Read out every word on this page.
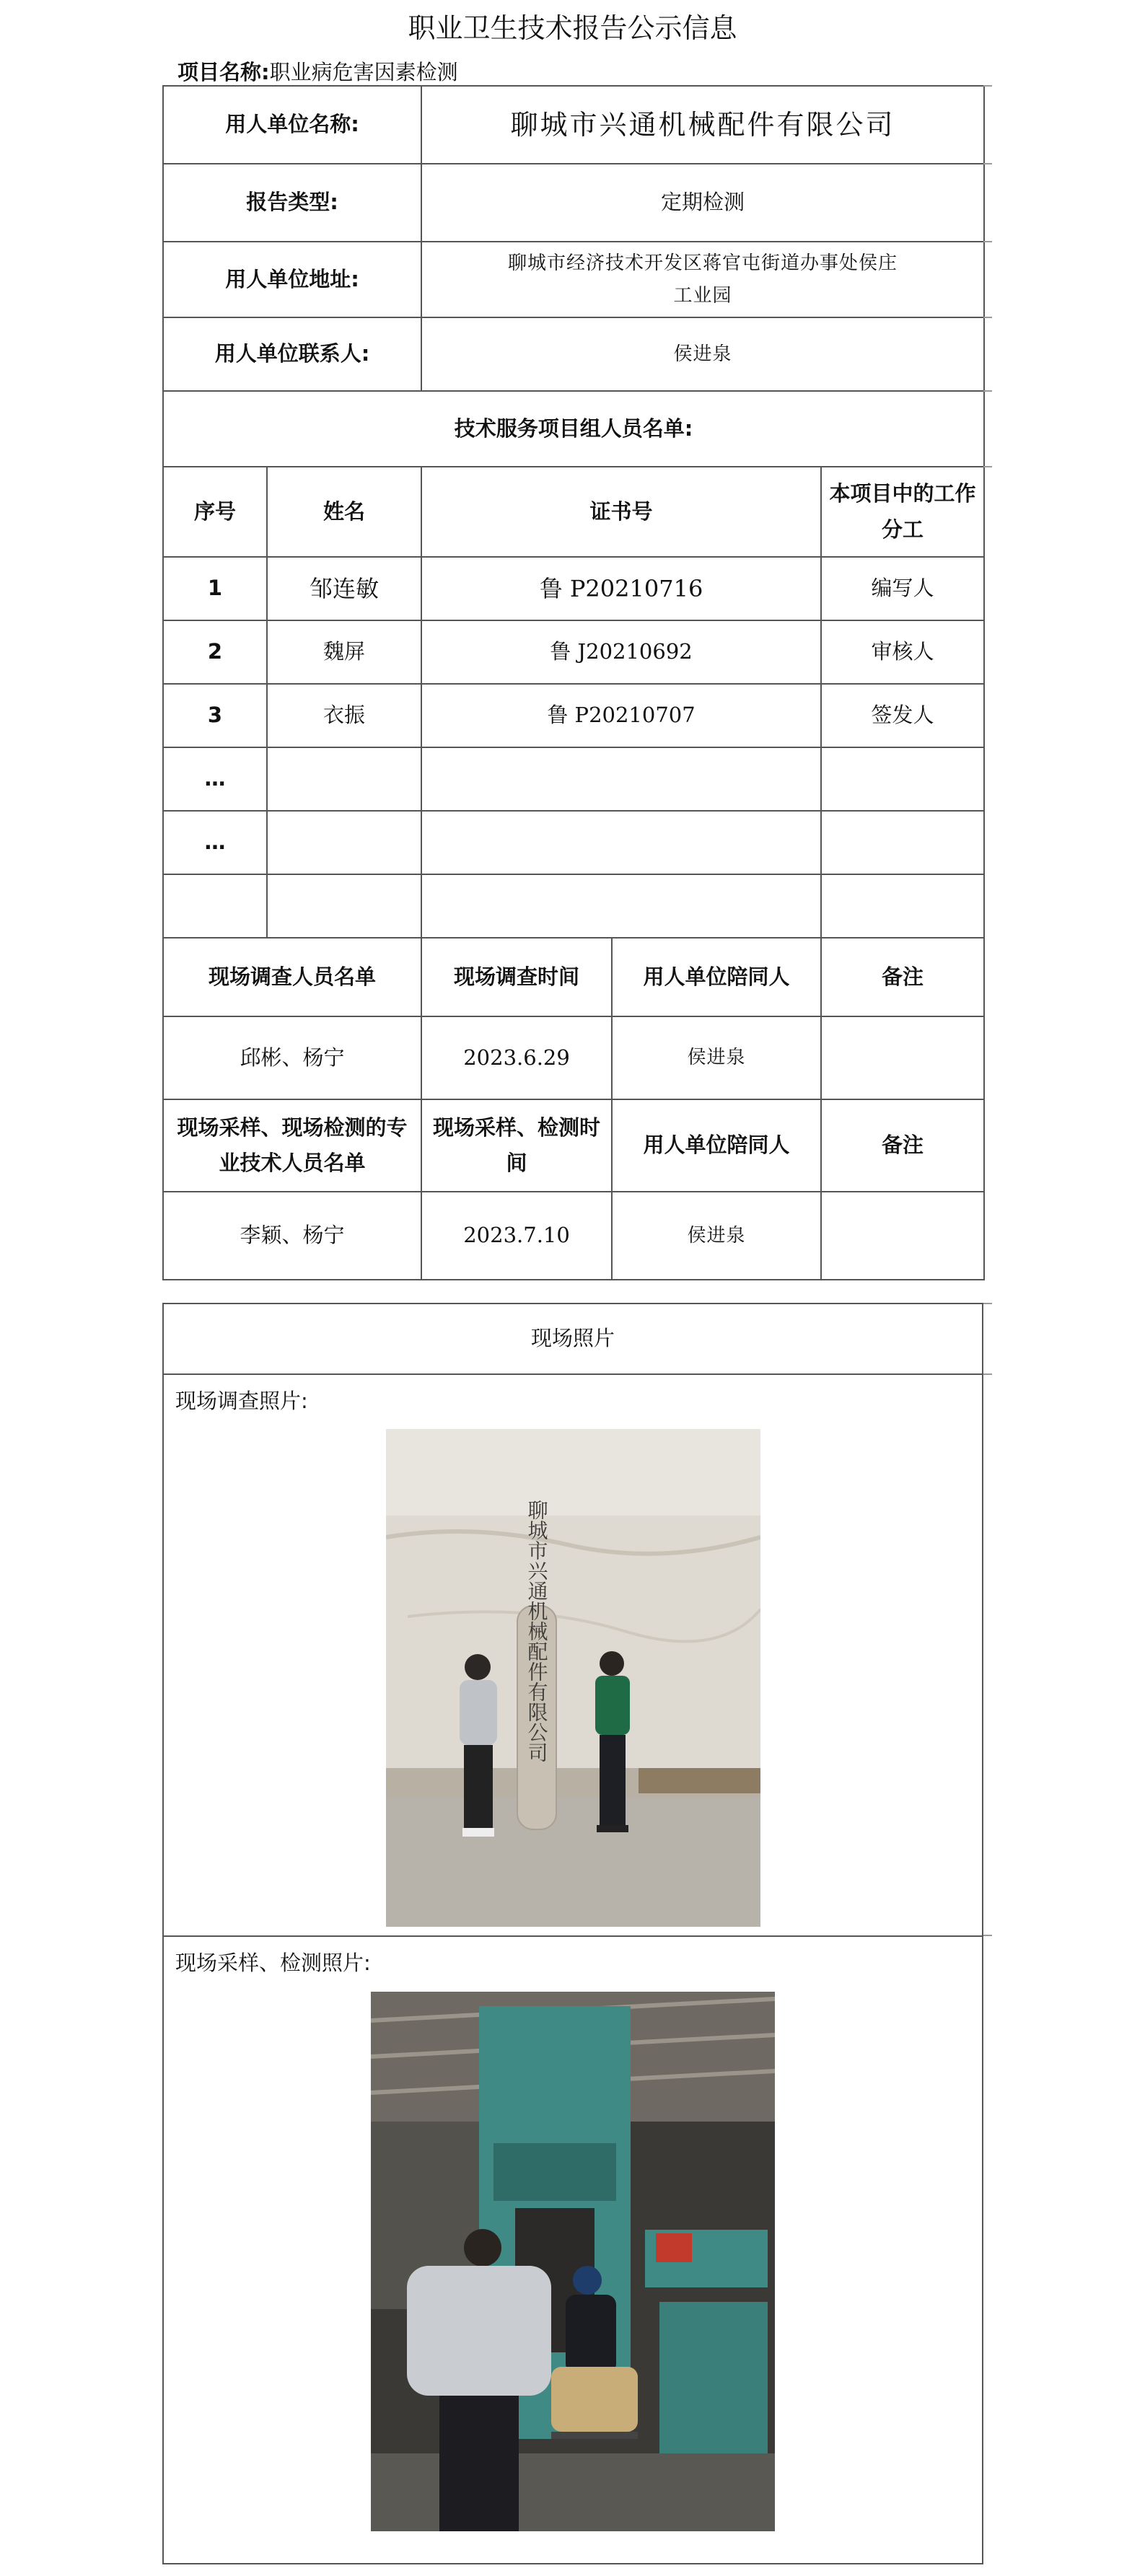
职业卫生技术报告公示信息
项目名称:职业病危害因素检测
用人单位名称:		聊城市兴通机械配件有限公司		
报告类型:		定期检测		
用人单位地址:		聊城市经济技术开发区蒋官屯街道办事处侯庄
工业园		

用人单位联系人:		侯进泉		
技术服务项目组人员名单:				
序号	姓名	证书号		本项目中的工作分工
1	邹连敏	鲁 P20210716		编写人
2	魏屏	鲁 J20210692		审核人
3	衣振	鲁 P20210707		签发人
…				
…				

现场调查人员名单		现场调查时间	用人单位陪同人	备注
邱彬、杨宁		2023.6.29	侯进泉	
现场采样、现场检测的专业技术人员名单		现场采样、检测时间	用人单位陪同人	备注
李颖、杨宁		2023.7.10	侯进泉	
现场照片

现场调查照片:
聊城市兴通机械配件有限公司

现场采样、检测照片:
